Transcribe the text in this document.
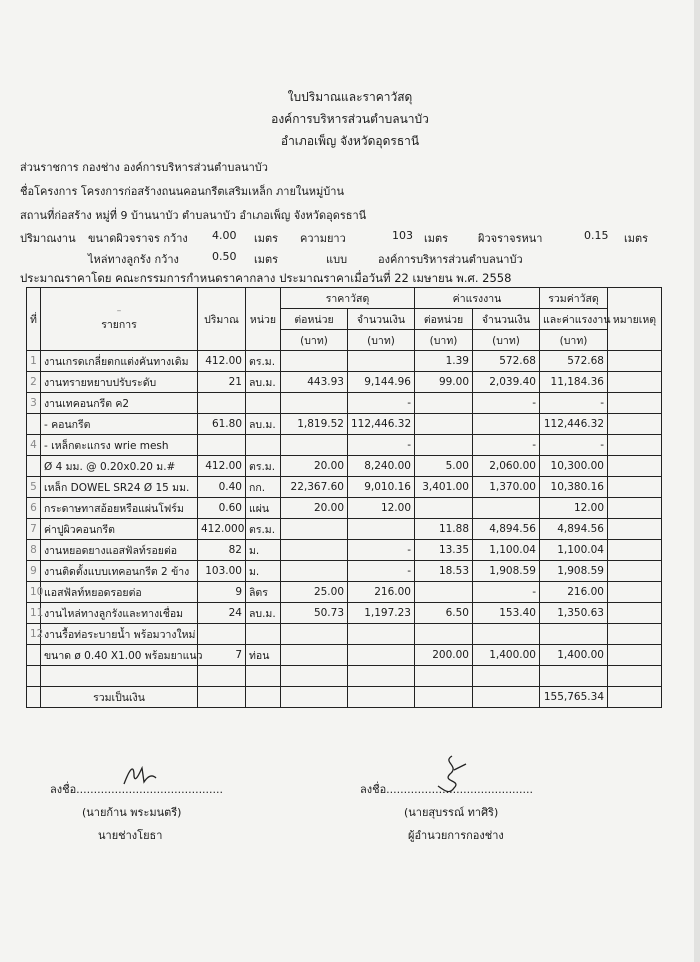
ใบปริมาณและราคาวัสดุ
องค์การบริหารส่วนตำบลนาบัว
อำเภอเพ็ญ จังหวัดอุดรธานี
ส่วนราชการ กองช่าง องค์การบริหารส่วนตำบลนาบัว
ชื่อโครงการ โครงการก่อสร้างถนนคอนกรีตเสริมเหล็ก ภายในหมู่บ้าน
สถานที่ก่อสร้าง หมู่ที่ 9 บ้านนาบัว ตำบลนาบัว อำเภอเพ็ญ จังหวัดอุดรธานี
ปริมาณงาน ขนาดผิวจราจร กว้าง 4.00 เมตร ความยาว	103 เมตร	ผิวจราจรหนา	0.15 เมตร
ไหล่ทางลูกรัง กว้าง	0.50 เมตร	แบบ	องค์การบริหารส่วนตำบลนาบัว
ประมาณราคาโดย คณะกรรมการกำหนดราคากลาง ประมาณราคาเมื่อวันที่ 22 เมษายน พ.ศ. 2558
ที่	–
รายการ	ปริมาณ	หน่วย	ราคาวัสดุ		ค่าแรงงาน		รวมค่าวัสดุ	หมายเหตุ
				ต่อหน่วย	จำนวนเงิน	ต่อหน่วย	จำนวนเงิน	และค่าแรงงาน	
				(บาท)	(บาท)	(บาท)	(บาท)	(บาท)	
1	งานเกรดเกลี่ยตกแต่งคันทางเดิม	412.00	ตร.ม.			1.39	572.68	572.68	
2	งานทรายหยาบปรับระดับ	21	ลบ.ม.	443.93	9,144.96	99.00	2,039.40	11,184.36	
3	งานเทคอนกรีต ค2				-		-	-	
	- คอนกรีต	61.80	ลบ.ม.	1,819.52	112,446.32			112,446.32	
4	- เหล็กตะแกรง wrie mesh				-		-	-	
	Ø 4 มม. @ 0.20x0.20 ม.#	412.00	ตร.ม.	20.00	8,240.00	5.00	2,060.00	10,300.00	
5	เหล็ก DOWEL SR24 Ø 15 มม.	0.40	กก.	22,367.60	9,010.16	3,401.00	1,370.00	10,380.16	
6	กระดาษทาสอ้อยหรือแผ่นโฟร์ม	0.60	แผ่น	20.00	12.00			12.00	
7	ค่าปูผิวคอนกรีต	412.000	ตร.ม.			11.88	4,894.56	4,894.56	
8	งานหยอดยางแอสฟัลท์รอยต่อ	82	ม.		-	13.35	1,100.04	1,100.04	
9	งานติดตั้งแบบเทคอนกรีต 2 ข้าง	103.00	ม.		-	18.53	1,908.59	1,908.59	
10	แอสฟัลท์หยอดรอยต่อ	9	ลิตร	25.00	216.00		-	216.00	
11	งานไหล่ทางลูกรังและทางเชื่อม	24	ลบ.ม.	50.73	1,197.23	6.50	153.40	1,350.63	
12	งานรื้อท่อระบายน้ำ พร้อมวางใหม่								
	ขนาด ø 0.40 X1.00 พร้อมยาแนว	7	ท่อน			200.00	1,400.00	1,400.00	

	รวมเป็นเงิน							155,765.34	
ลงชื่อ..........................................
(นายก้าน พระมนตรี)
นายช่างโยธา
ลงชื่อ..........................................
(นายสุบรรณ์ ทาศิริ)
ผู้อำนวยการกองช่าง
